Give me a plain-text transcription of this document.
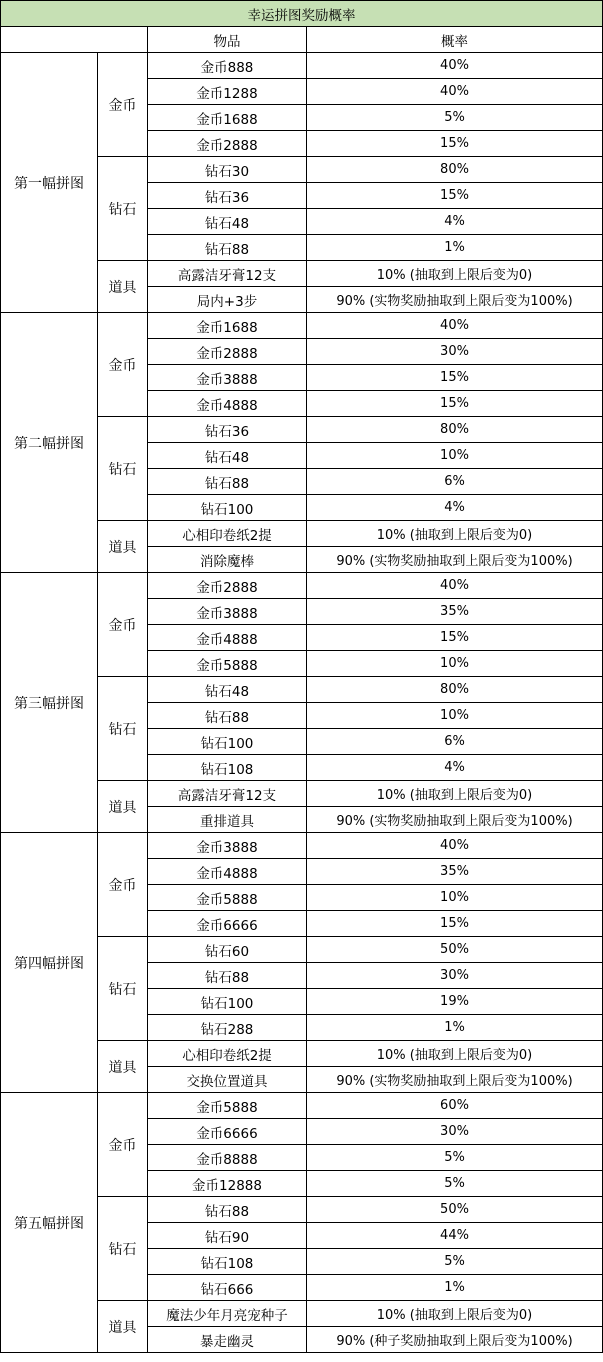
幸运拼图奖励概率			
		物品	概率
第一幅拼图	金币	金币888	40%
		金币1288	40%
		金币1688	5%
		金币2888	15%
	钻石	钻石30	80%
		钻石36	15%
		钻石48	4%
		钻石88	1%
	道具	高露洁牙膏12支	10% (抽取到上限后变为0)
		局内+3步	90% (实物奖励抽取到上限后变为100%)
第二幅拼图	金币	金币1688	40%
		金币2888	30%
		金币3888	15%
		金币4888	15%
	钻石	钻石36	80%
		钻石48	10%
		钻石88	6%
		钻石100	4%
	道具	心相印卷纸2提	10% (抽取到上限后变为0)
		消除魔棒	90% (实物奖励抽取到上限后变为100%)
第三幅拼图	金币	金币2888	40%
		金币3888	35%
		金币4888	15%
		金币5888	10%
	钻石	钻石48	80%
		钻石88	10%
		钻石100	6%
		钻石108	4%
	道具	高露洁牙膏12支	10% (抽取到上限后变为0)
		重排道具	90% (实物奖励抽取到上限后变为100%)
第四幅拼图	金币	金币3888	40%
		金币4888	35%
		金币5888	10%
		金币6666	15%
	钻石	钻石60	50%
		钻石88	30%
		钻石100	19%
		钻石288	1%
	道具	心相印卷纸2提	10% (抽取到上限后变为0)
		交换位置道具	90% (实物奖励抽取到上限后变为100%)
第五幅拼图	金币	金币5888	60%
		金币6666	30%
		金币8888	5%
		金币12888	5%
	钻石	钻石88	50%
		钻石90	44%
		钻石108	5%
		钻石666	1%
	道具	魔法少年月亮宠种子	10% (抽取到上限后变为0)
		暴走幽灵	90% (种子奖励抽取到上限后变为100%)
